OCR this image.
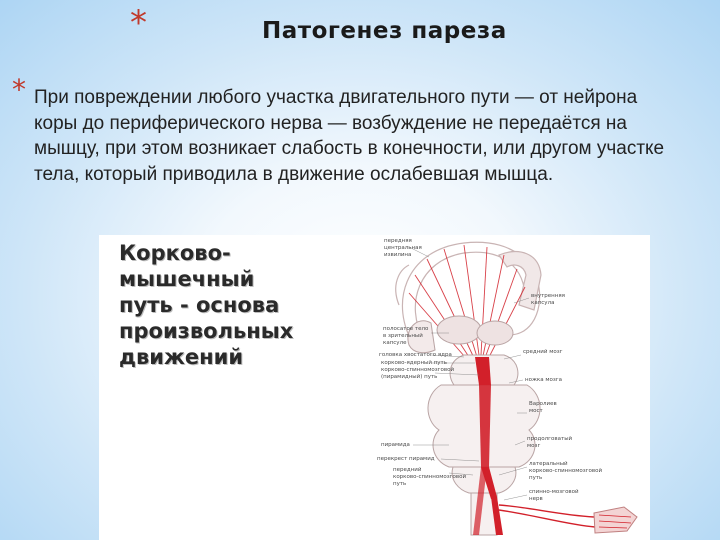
*	Патогенез пареза
* При повреждении любого участка двигательного пути — от нейрона коры до периферического нерва — возбуждение не передаётся на мышцу, при этом возникает слабость в конечности, или другом участке тела, который приводила в движение ослабевшая мышца.
Корково-
мышечный
путь - основа
произвольных
движений
передняя
центральная
извилина
внутренняя
капсула
полосатое тело
в зрительный
капсуле
головка хвостатого ядра	средний мозг
корково-ядерный путь
корково-спинномозговой
(пирамидный) путь	ножка мозга
Варолиев
мост
пирамида
продолговатый
мозг
перекрест пирамид
передний
корково-спинномозговой
путь
латеральный
корково-спинномозговой
путь
спинно-мозговой
нерв
